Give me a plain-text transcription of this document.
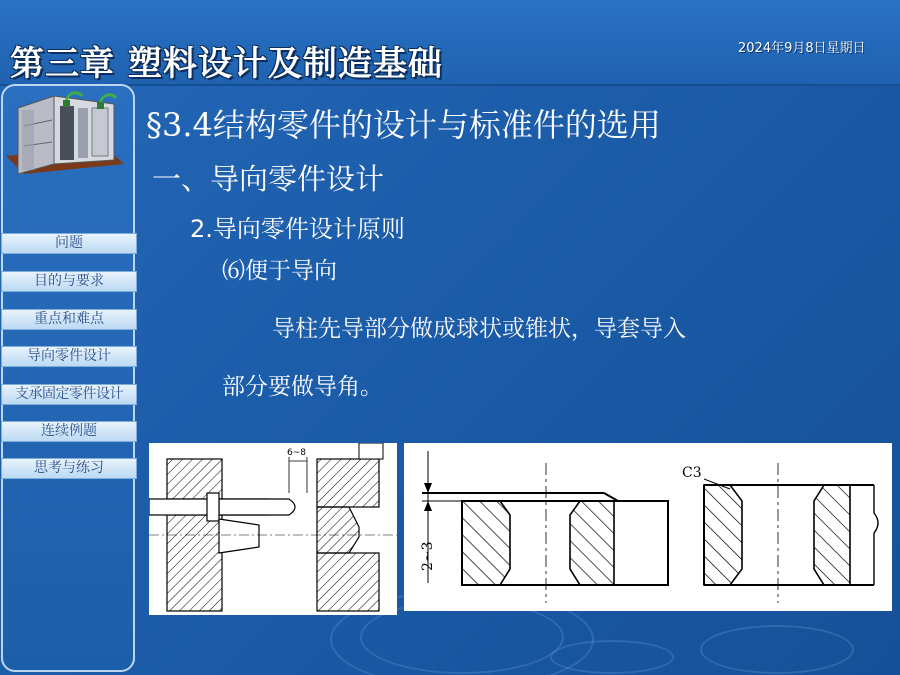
第三章 塑料设计及制造基础	2024年9月8日星期日
问题
目的与要求
重点和难点
导向零件设计
支承固定零件设计
连续例题
思考与练习
§3.4结构零件的设计与标准件的选用
一、导向零件设计
2.导向零件设计原则
⑹便于导向
导柱先导部分做成球状或锥状，导套导入
部分要做导角。
6~8
2~3
C3
